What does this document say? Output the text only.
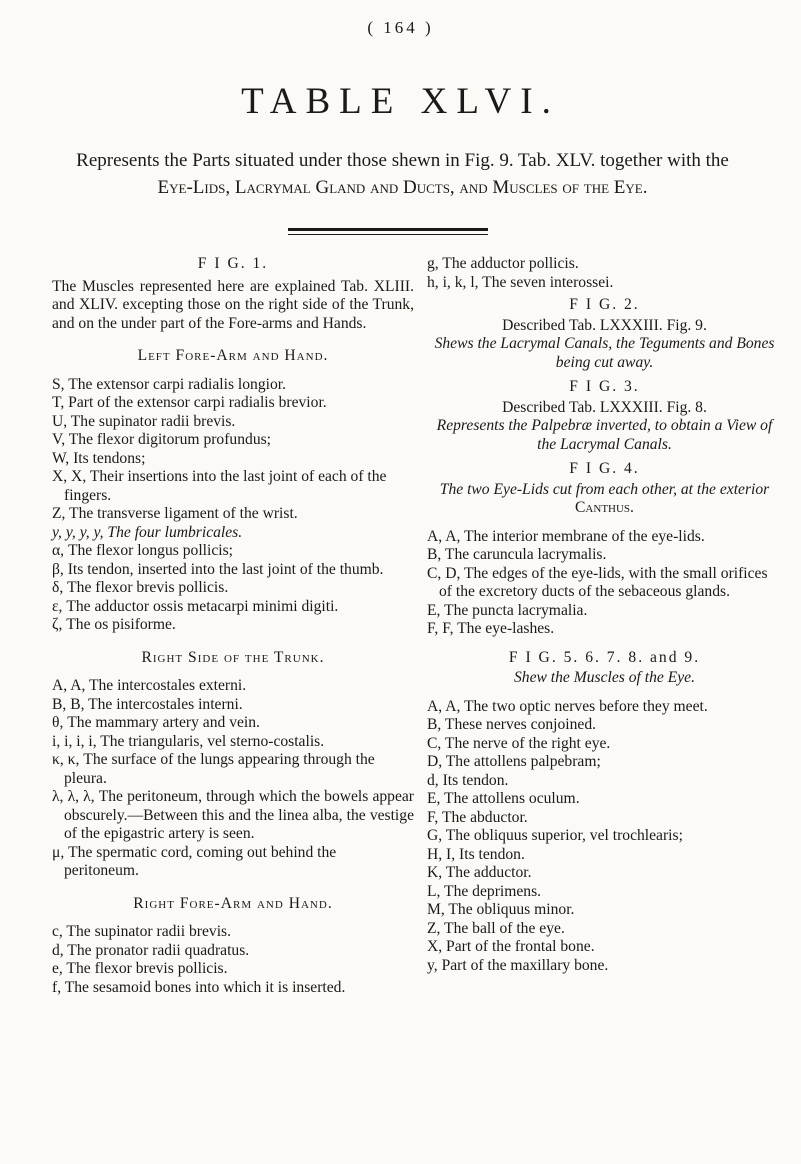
( 164 )
TABLE XLVI.

Represents the Parts situated under those shewn in Fig. 9. Tab. XLV. together with the

Eye-Lids, Lacrymal Gland and Ducts, and Muscles of the Eye.

F I G. 1.

The Muscles represented here are explained Tab. XLIII. and XLIV. excepting those on the right side of the Trunk, and on the under part of the Fore-arms and Hands.

Left Fore-Arm and Hand.

S, The extensor carpi radialis longior.

T, Part of the extensor carpi radialis brevior.

U, The supinator radii brevis.

V, The flexor digitorum profundus;

W, Its tendons;

X, X, Their insertions into the last joint of each of the fingers.

Z, The transverse ligament of the wrist.

y, y, y, y, The four lumbricales.

α, The flexor longus pollicis;

β, Its tendon, inserted into the last joint of the thumb.

δ, The flexor brevis pollicis.

ε, The adductor ossis metacarpi minimi digiti.

ζ, The os pisiforme.

Right Side of the Trunk.

A, A, The intercostales externi.

B, B, The intercostales interni.

θ, The mammary artery and vein.

i, i, i, i, The triangularis, vel sterno-costalis.

κ, κ, The surface of the lungs appearing through the pleura.

λ, λ, λ, The peritoneum, through which the bowels appear obscurely.—Between this and the linea alba, the vestige of the epigastric artery is seen.

μ, The spermatic cord, coming out behind the peritoneum.

Right Fore-Arm and Hand.

c, The supinator radii brevis.

d, The pronator radii quadratus.

e, The flexor brevis pollicis.

f, The sesamoid bones into which it is inserted.

g, The adductor pollicis.

h, i, k, l, The seven interossei.

F I G. 2.

Described Tab. LXXXIII. Fig. 9.

Shews the Lacrymal Canals, the Teguments and Bones being cut away.

F I G. 3.

Described Tab. LXXXIII. Fig. 8.

Represents the Palpebræ inverted, to obtain a View of the Lacrymal Canals.

F I G. 4.

The two Eye-Lids cut from each other, at the exterior

Canthus.

A, A, The interior membrane of the eye-lids.

B, The caruncula lacrymalis.

C, D, The edges of the eye-lids, with the small orifices of the excretory ducts of the sebaceous glands.

E, The puncta lacrymalia.

F, F, The eye-lashes.

F I G. 5. 6. 7. 8. and 9.

Shew the Muscles of the Eye.

A, A, The two optic nerves before they meet.

B, These nerves conjoined.

C, The nerve of the right eye.

D, The attollens palpebram;

d, Its tendon.

E, The attollens oculum.

F, The abductor.

G, The obliquus superior, vel trochlearis;

H, I, Its tendon.

K, The adductor.

L, The deprimens.

M, The obliquus minor.

Z, The ball of the eye.

X, Part of the frontal bone.

y, Part of the maxillary bone.
